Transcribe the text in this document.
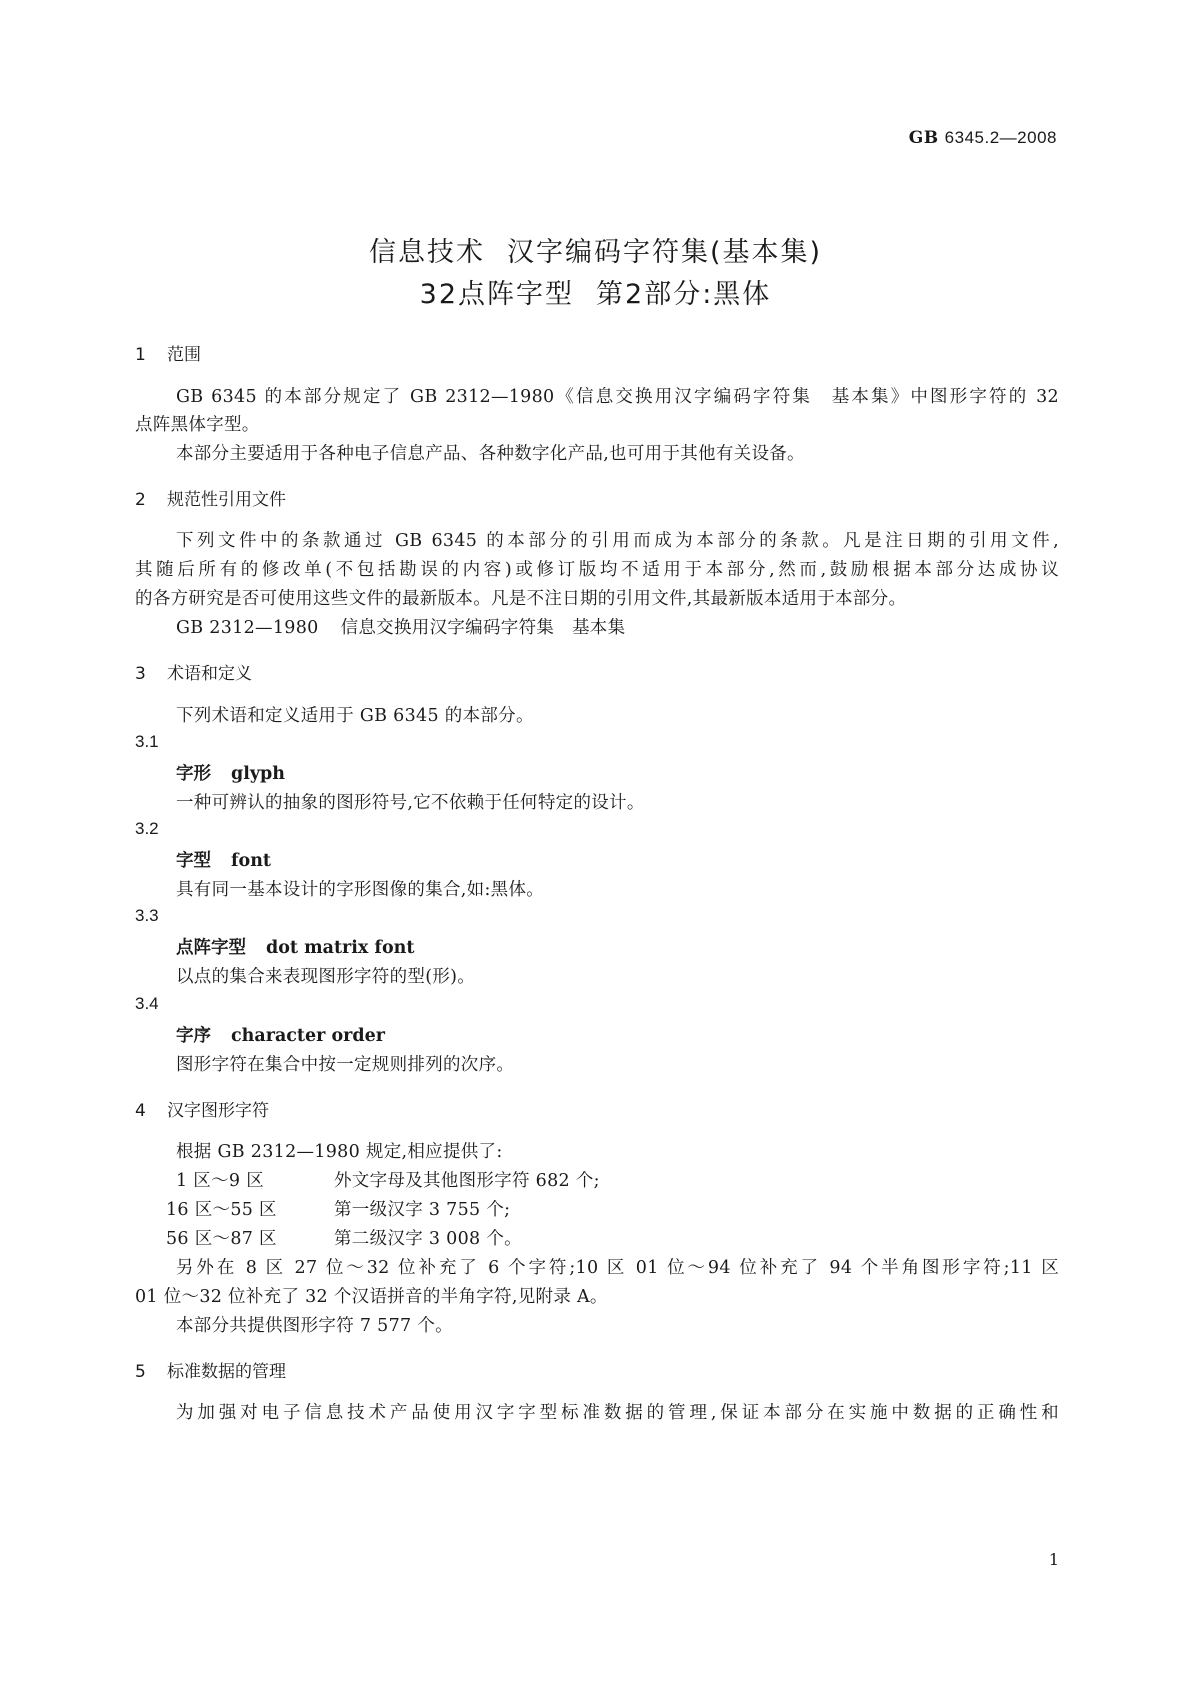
GB 6345.2—2008
信息技术 汉字编码字符集(基本集)
32点阵字型 第2部分:黑体
1 范围
GB 6345 的本部分规定了 GB 2312—1980《信息交换用汉字编码字符集　基本集》中图形字符的 32
点阵黑体字型。
本部分主要适用于各种电子信息产品、各种数字化产品,也可用于其他有关设备。
2 规范性引用文件
下列文件中的条款通过 GB 6345 的本部分的引用而成为本部分的条款。凡是注日期的引用文件,
其随后所有的修改单(不包括勘误的内容)或修订版均不适用于本部分,然而,鼓励根据本部分达成协议
的各方研究是否可使用这些文件的最新版本。凡是不注日期的引用文件,其最新版本适用于本部分。
GB 2312—1980 信息交换用汉字编码字符集　基本集
3 术语和定义
下列术语和定义适用于 GB 6345 的本部分。
3.1
字形 glyph
一种可辨认的抽象的图形符号,它不依赖于任何特定的设计。
3.2
字型 font
具有同一基本设计的字形图像的集合,如:黑体。
3.3
点阵字型 dot matrix font
以点的集合来表现图形字符的型(形)。
3.4
字序 character order
图形字符在集合中按一定规则排列的次序。
4 汉字图形字符
根据 GB 2312—1980 规定,相应提供了:
1 区～9 区	外文字母及其他图形字符 682 个;
16 区～55 区	第一级汉字 3 755 个;
56 区～87 区	第二级汉字 3 008 个。
另外在 8 区 27 位～32 位补充了 6 个字符;10 区 01 位～94 位补充了 94 个半角图形字符;11 区
01 位～32 位补充了 32 个汉语拼音的半角字符,见附录 A。
本部分共提供图形字符 7 577 个。
5 标准数据的管理
为加强对电子信息技术产品使用汉字字型标准数据的管理,保证本部分在实施中数据的正确性和
1
